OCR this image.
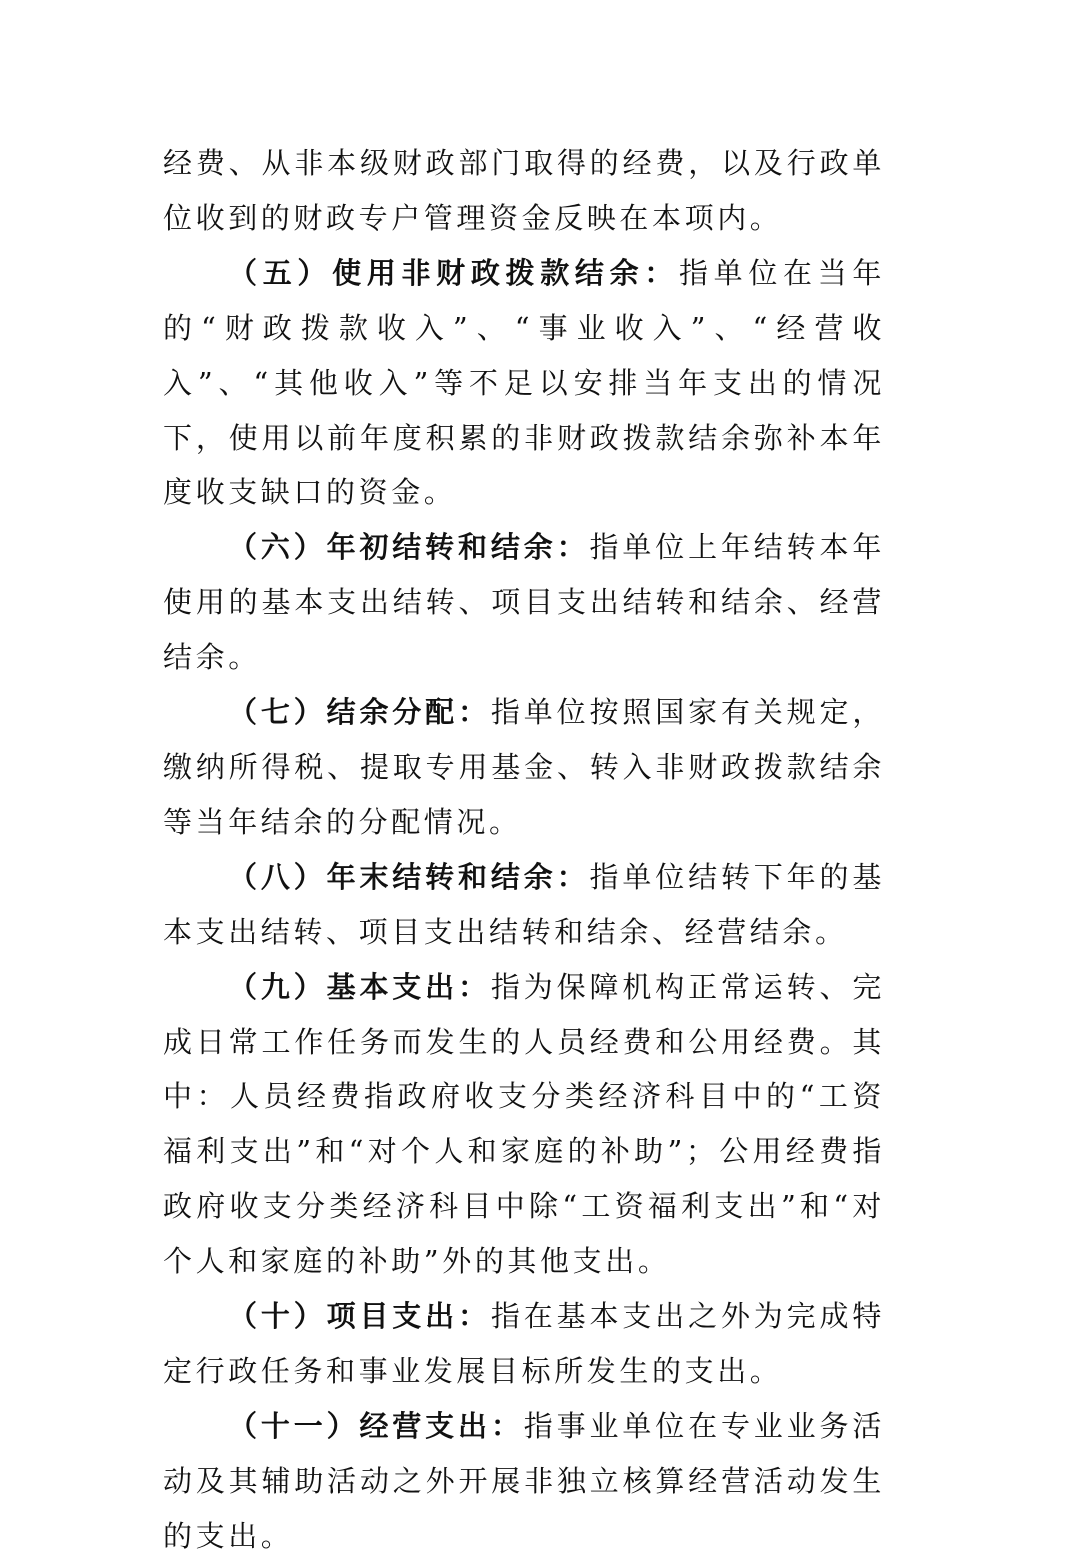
经费、从非本级财政部门取得的经费，以及行政单位收到的财政专户管理资金反映在本项内。

（五）使用非财政拨款结余：指单位在当年的“财政拨款收入”、“事业收入”、“经营收入”、“其他收入”等不足以安排当年支出的情况下，使用以前年度积累的非财政拨款结余弥补本年度收支缺口的资金。

（六）年初结转和结余：指单位上年结转本年使用的基本支出结转、项目支出结转和结余、经营结余。

（七）结余分配：指单位按照国家有关规定，缴纳所得税、提取专用基金、转入非财政拨款结余等当年结余的分配情况。

（八）年末结转和结余：指单位结转下年的基本支出结转、项目支出结转和结余、经营结余。

（九）基本支出：指为保障机构正常运转、完成日常工作任务而发生的人员经费和公用经费。其中：人员经费指政府收支分类经济科目中的“工资福利支出”和“对个人和家庭的补助”；公用经费指政府收支分类经济科目中除“工资福利支出”和“对个人和家庭的补助”外的其他支出。

（十）项目支出：指在基本支出之外为完成特定行政任务和事业发展目标所发生的支出。

（十一）经营支出：指事业单位在专业业务活动及其辅助活动之外开展非独立核算经营活动发生的支出。
